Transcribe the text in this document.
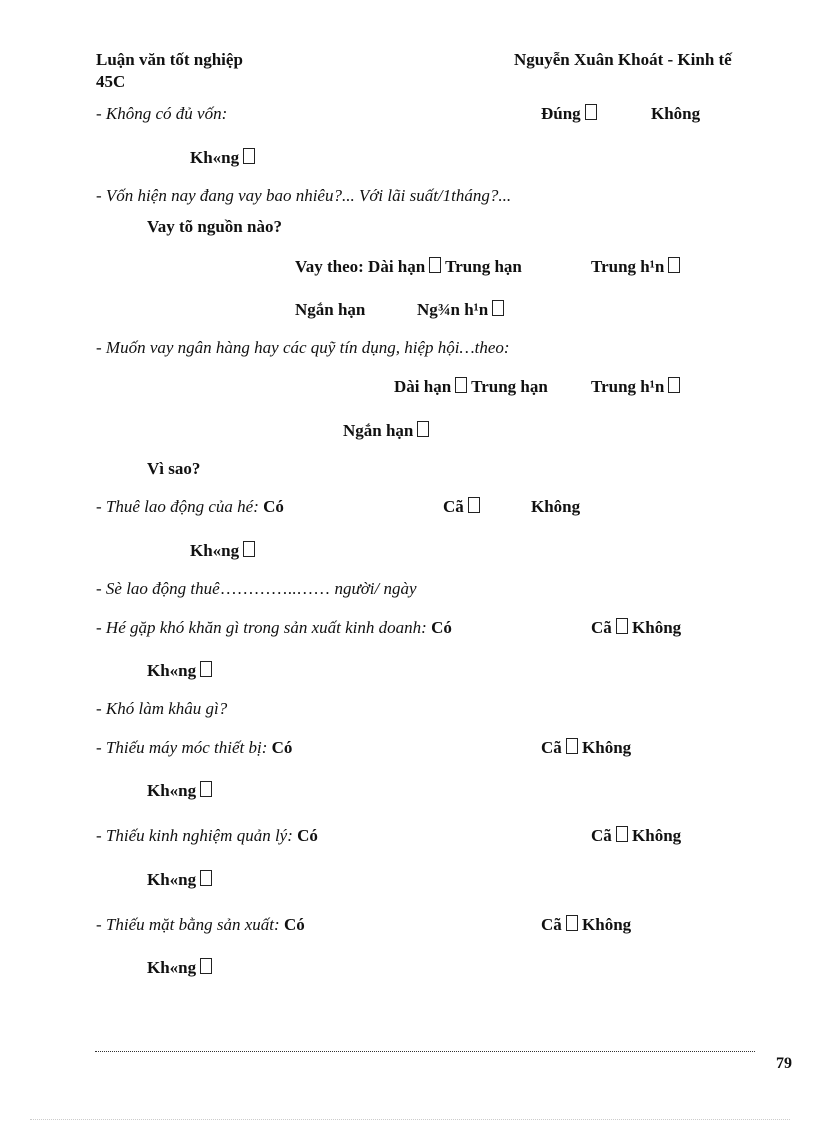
Luận văn tốt nghiệp
45C
Nguyễn Xuân Khoát - Kinh tế
- Không có đủ vốn:	Đúng	Không
Kh«ng
- Vốn hiện nay đang vay bao nhiêu?... Với lãi suất/1tháng?...
Vay tõ nguồn nào?
Vay theo: Dài hạn Trung hạn	Trung h¹n
Ngắn hạn	Ng¾n h¹n
- Muốn vay ngân hàng hay các quỹ tín dụng, hiệp hội…theo:
Dài hạn Trung hạn	Trung h¹n
Ngắn hạn
Vì sao?
- Thuê lao động của hé: Có	Cã	Không
Kh«ng
- Sè lao động thuê…………..…… người/ ngày
- Hé gặp khó khăn gì trong sản xuất kinh doanh: Có	Cã Không
Kh«ng
- Khó làm khâu gì?
- Thiếu máy móc thiết bị: Có	Cã Không
Kh«ng
- Thiếu kinh nghiệm quản lý: Có	Cã Không
Kh«ng
- Thiếu mặt bằng sản xuất: Có	Cã Không
Kh«ng
79
